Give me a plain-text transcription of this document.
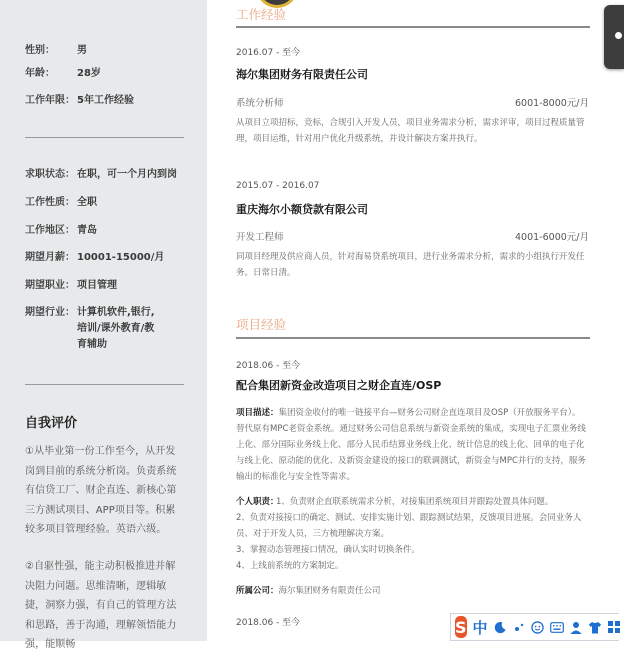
性别：	男
年龄：	28岁
工作年限： 5年工作经验
求职状态： 在职，可一个月内到岗
工作性质： 全职
工作地区： 青岛
期望月薪： 10001-15000/月
期望职业： 项目管理
期望行业： 计算机软件,银行,培训/课外教育/教育辅助
自我评价
①从毕业第一份工作至今，从开发岗到目前的系统分析岗。负责系统有信贷工厂、财企直连、新核心第三方测试项目、APP项目等。积累较多项目管理经验。英语六级。
②自驱性强，能主动积极推进并解决阻力问题。思维清晰，逻辑敏捷，洞察力强，有自己的管理方法和思路，善于沟通，理解领悟能力强，能顺畅
工作经验
2016.07 - 至今
海尔集团财务有限责任公司
系统分析师	6001-8000元/月
从项目立项招标，竞标，合规引入开发人员，项目业务需求分析，需求评审，项目过程质量管理，项目运维，针对用户优化升级系统，并设计解决方案并执行。
2015.07 - 2016.07
重庆海尔小额贷款有限公司
开发工程师	4001-6000元/月
同项目经理及供应商人员，针对海易贷系统项目，进行业务需求分析，需求的小组执行开发任务。日常日清。
项目经验
2018.06 - 至今
配合集团新资金改造项目之财企直连/OSP
项目描述：集团资金收付的唯一链接平台—财务公司财企直连项目及OSP（开放服务平台）。替代原有MPC老资金系统。通过财务公司信息系统与新资金系统的集成，实现电子汇票业务线上化、部分国际业务线上化、部分人民币结算业务线上化、统计信息的线上化、回单的电子化与线上化、原动能的优化、及新资金建设的接口的联调测试，新资金与MPC并行的支持，服务输出的标准化与安全性等需求。
个人职责：
1、负责财企直联系统需求分析，对接集团系统项目并跟踪处置具体问题。
2、负责对接接口的确定、测试、安排实施计划、跟踪测试结果，反馈项目进展。会同业务人员、对于开发人员，三方梳理解决方案。
3、掌握动态管理接口情况，确认实时切换条件。
4、上线前系统的方案制定。
所属公司：海尔集团财务有限责任公司
2018.06 - 至今	S 中
